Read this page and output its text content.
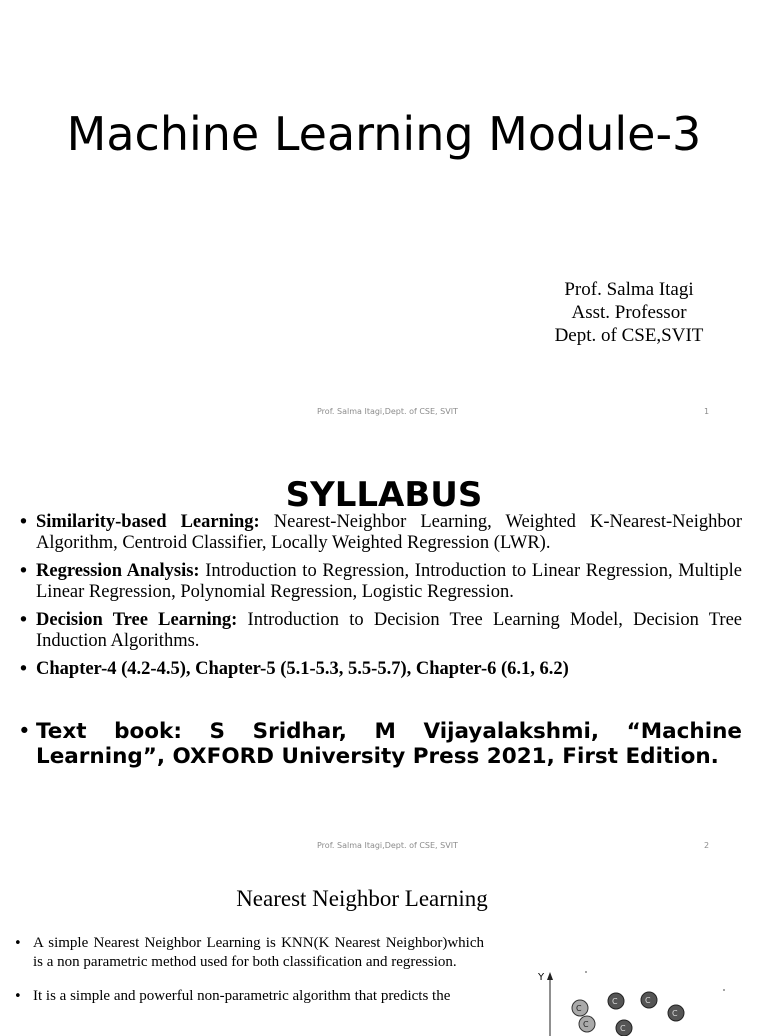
Machine Learning Module-3
Prof. Salma Itagi
Asst. Professor
Dept. of CSE,SVIT
Prof. Salma Itagi,Dept. of CSE, SVIT	1
SYLLABUS
• Similarity-based Learning: Nearest-Neighbor Learning, Weighted K-Nearest-Neighbor Algorithm, Centroid Classifier, Locally Weighted Regression (LWR).
• Regression Analysis: Introduction to Regression, Introduction to Linear Regression, Multiple Linear Regression, Polynomial Regression, Logistic Regression.
• Decision Tree Learning: Introduction to Decision Tree Learning Model, Decision Tree Induction Algorithms.
• Chapter-4 (4.2-4.5), Chapter-5 (5.1-5.3, 5.5-5.7), Chapter-6 (6.1, 6.2)
• Text book: S Sridhar, M Vijayalakshmi, “Machine Learning”, OXFORD University Press 2021, First Edition.
Prof. Salma Itagi,Dept. of CSE, SVIT	2
Nearest Neighbor Learning
• A simple Nearest Neighbor Learning is KNN(K Nearest Neighbor)which is a non parametric method used for both classification and regression.
• It is a simple and powerful non-parametric algorithm that predicts the
Y
C
C	C
C
C	C
